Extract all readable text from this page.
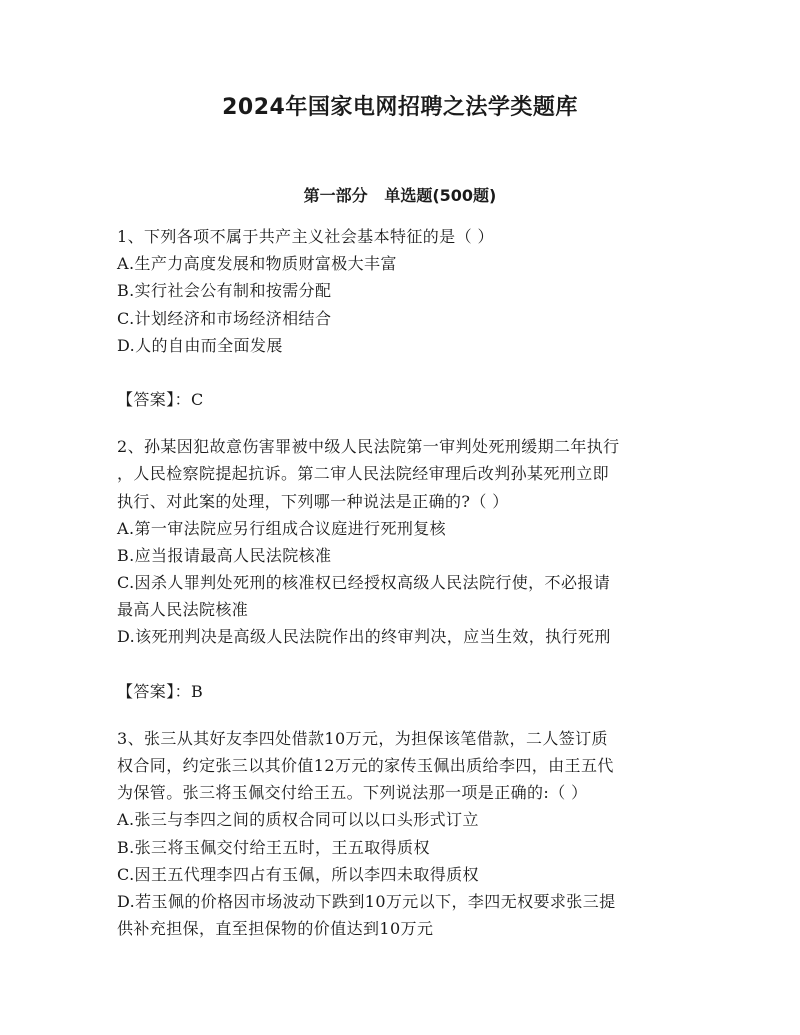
2024年国家电网招聘之法学类题库
第一部分   单选题(500题)
1、下列各项不属于共产主义社会基本特征的是（ ）
A.生产力高度发展和物质财富极大丰富
B.实行社会公有制和按需分配
C.计划经济和市场经济相结合
D.人的自由而全面发展
【答案】：C
2、孙某因犯故意伤害罪被中级人民法院第一审判处死刑缓期二年执行
，人民检察院提起抗诉。第二审人民法院经审理后改判孙某死刑立即
执行、对此案的处理，下列哪一种说法是正确的?（ ）
A.第一审法院应另行组成合议庭进行死刑复核
B.应当报请最高人民法院核准
C.因杀人罪判处死刑的核准权已经授权高级人民法院行使，不必报请
最高人民法院核准
D.该死刑判决是高级人民法院作出的终审判决，应当生效，执行死刑
【答案】：B
3、张三从其好友李四处借款10万元，为担保该笔借款，二人签订质
权合同，约定张三以其价值12万元的家传玉佩出质给李四，由王五代
为保管。张三将玉佩交付给王五。下列说法那一项是正确的:（ ）
A.张三与李四之间的质权合同可以以口头形式订立
B.张三将玉佩交付给王五时，王五取得质权
C.因王五代理李四占有玉佩，所以李四未取得质权
D.若玉佩的价格因市场波动下跌到10万元以下，李四无权要求张三提
供补充担保，直至担保物的价值达到10万元
